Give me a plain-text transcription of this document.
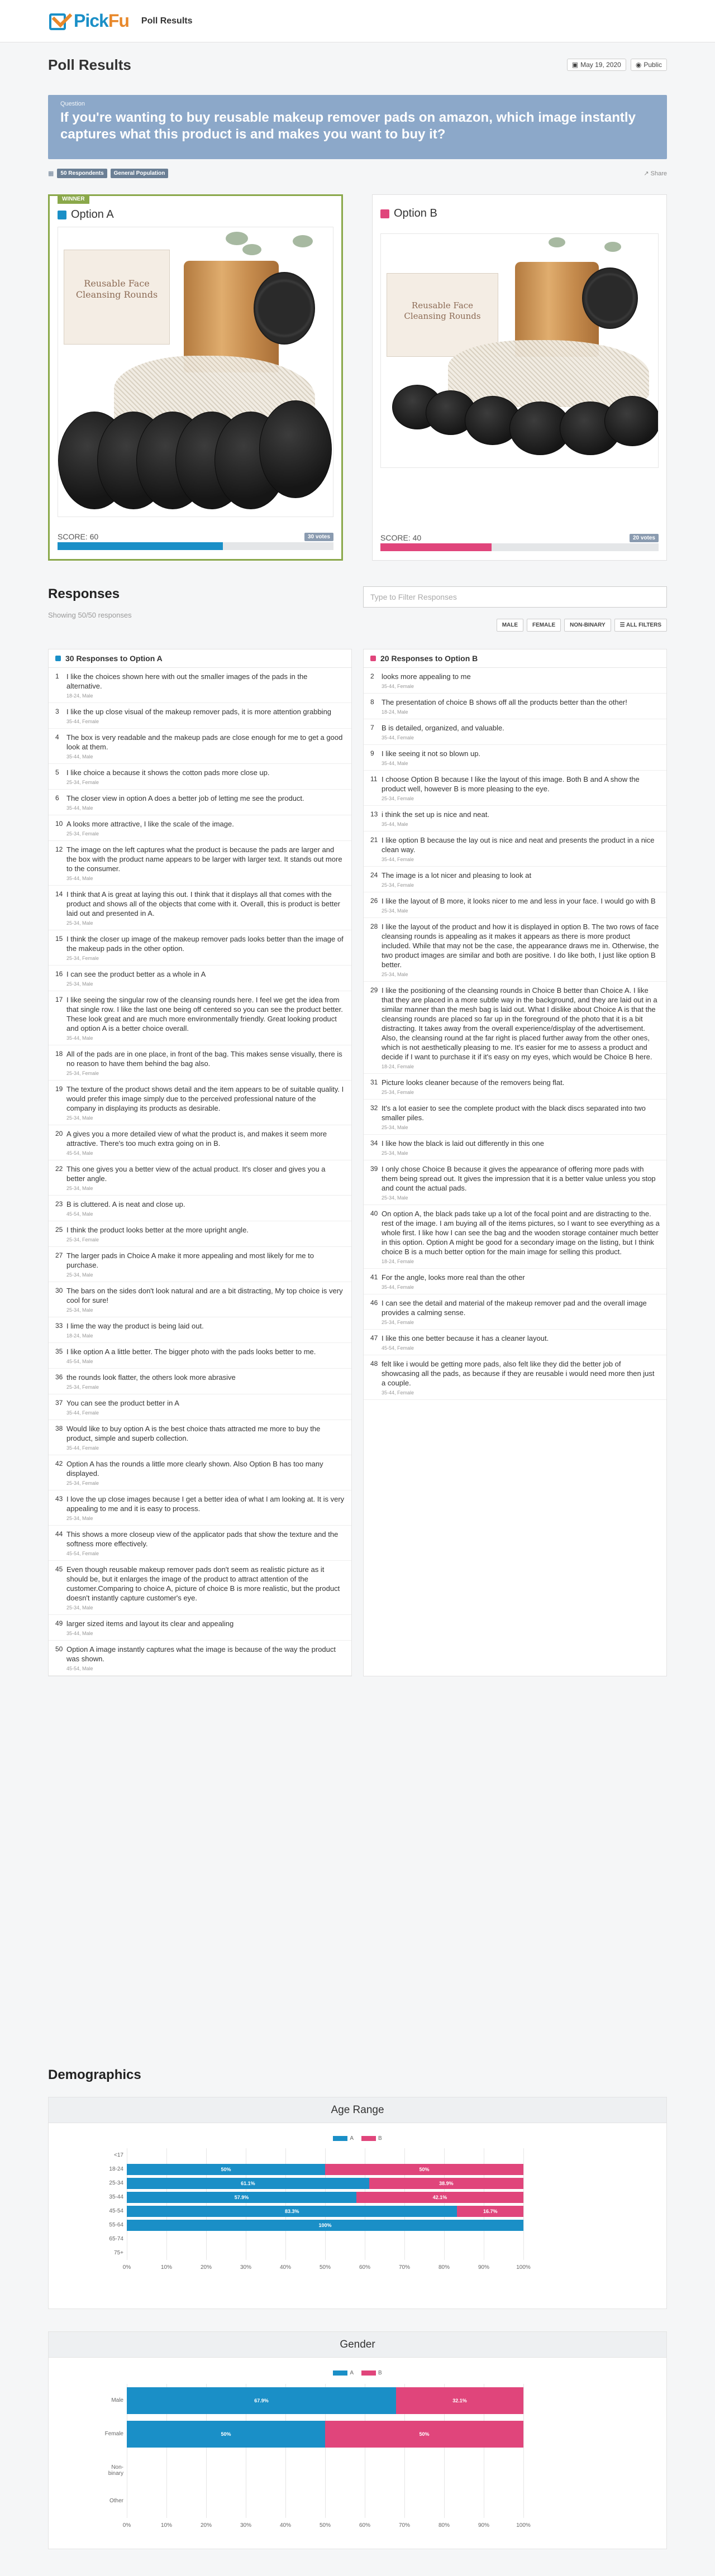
PickFu Poll Results
Poll Results	▣ May 19, 2020 ◉ Public
Question
If you're wanting to buy reusable makeup remover pads on amazon, which image instantly captures what this product is and makes you want to buy it?
▦	50 Respondents	General Population	↗ Share
WINNER
Option A
Reusable Face Cleansing Rounds
SCORE: 60	30 votes
Option B
Reusable Face Cleansing Rounds
SCORE: 40	20 votes
Responses
Showing 50/50 responses
Type to Filter Responses
MALE	FEMALE	NON-BINARY	☰ ALL FILTERS
30 Responses to Option A
1	I like the choices shown here with out the smaller images of the pads in the alternative.
18-24, Male
3	I like the up close visual of the makeup remover pads, it is more attention grabbing
35-44, Female
4	The box is very readable and the makeup pads are close enough for me to get a good look at them.
35-44, Male
5	I like choice a because it shows the cotton pads more close up.
25-34, Female
6	The closer view in option A does a better job of letting me see the product.
35-44, Male
10 A looks more attractive, I like the scale of the image.
25-34, Female
12 The image on the left captures what the product is because the pads are larger and the box with the product name appears to be larger with larger text. It stands out more to the consumer.
35-44, Male
14 I think that A is great at laying this out. I think that it displays all that comes with the product and shows all of the objects that come with it. Overall, this is product is better laid out and presented in A.
25-34, Male
15 I think the closer up image of the makeup remover pads looks better than the image of the makeup pads in the other option.
25-34, Female
16 I can see the product better as a whole in A
25-34, Male
17 I like seeing the singular row of the cleansing rounds here. I feel we get the idea from that single row. I like the last one being off centered so you can see the product better. These look great and are much more environmentally friendly. Great looking product and option A is a better choice overall.
35-44, Male
18 All of the pads are in one place, in front of the bag. This makes sense visually, there is no reason to have them behind the bag also.
25-34, Female
19 The texture of the product shows detail and the item appears to be of suitable quality. I would prefer this image simply due to the perceived professional nature of the company in displaying its products as desirable.
25-34, Male
20 A gives you a more detailed view of what the product is, and makes it seem more attractive. There's too much extra going on in B.
45-54, Male
22 This one gives you a better view of the actual product. It's closer and gives you a better angle.
25-34, Male
23 B is cluttered. A is neat and close up.
45-54, Male
25 I think the product looks better at the more upright angle.
25-34, Female
27 The larger pads in Choice A make it more appealing and most likely for me to purchase.
25-34, Male
30 The bars on the sides don't look natural and are a bit distracting, My top choice is very cool for sure!
25-34, Male
33 I lime the way the product is being laid out.
18-24, Male
35 I like option A a little better. The bigger photo with the pads looks better to me.
45-54, Male
36 the rounds look flatter, the others look more abrasive
25-34, Female
37 You can see the product better in A
35-44, Female
38 Would like to buy option A is the best choice thats attracted me more to buy the product, simple and superb collection.
35-44, Female
42 Option A has the rounds a little more clearly shown. Also Option B has too many displayed.
25-34, Female
43 I love the up close images because I get a better idea of what I am looking at. It is very appealing to me and it is easy to process.
25-34, Male
44 This shows a more closeup view of the applicator pads that show the texture and the softness more effectively.
45-54, Female
45 Even though reusable makeup remover pads don't seem as realistic picture as it should be, but it enlarges the image of the product to attract attention of the customer.Comparing to choice A, picture of choice B is more realistic, but the product doesn't instantly capture customer's eye.
25-34, Male
49 larger sized items and layout its clear and appealing
35-44, Male
50 Option A image instantly captures what the image is because of the way the product was shown.
45-54, Male
20 Responses to Option B
2	looks more appealing to me
35-44, Female
8	The presentation of choice B shows off all the products better than the other!
18-24, Male
7	B is detailed, organized, and valuable.
35-44, Female
9	I like seeing it not so blown up.
35-44, Male
11 I choose Option B because I like the layout of this image. Both B and A show the product well, however B is more pleasing to the eye.
25-34, Female
13 i think the set up is nice and neat.
35-44, Male
21 I like option B because the lay out is nice and neat and presents the product in a nice clean way.
35-44, Female
24 The image is a lot nicer and pleasing to look at
25-34, Female
26 I like the layout of B more, it looks nicer to me and less in your face. I would go with B
25-34, Male
28 I like the layout of the product and how it is displayed in option B. The two rows of face cleansing rounds is appealing as it makes it appears as there is more product included. While that may not be the case, the appearance draws me in. Otherwise, the two product images are similar and both are positive. I do like both, I just like option B better.
25-34, Male
29 I like the positioning of the cleansing rounds in Choice B better than Choice A. I like that they are placed in a more subtle way in the background, and they are laid out in a similar manner than the mesh bag is laid out. What I dislike about Choice A is that the cleansing rounds are placed so far up in the foreground of the photo that it is a bit distracting. It takes away from the overall experience/display of the advertisement. Also, the cleansing round at the far right is placed further away from the other ones, which is not aesthetically pleasing to me. It's easier for me to assess a product and decide if I want to purchase it if it's easy on my eyes, which would be Choice B here.
18-24, Female
31 Picture looks cleaner because of the removers being flat.
25-34, Female
32 It's a lot easier to see the complete product with the black discs separated into two smaller piles.
25-34, Male
34 I like how the black is laid out differently in this one
25-34, Male
39 I only chose Choice B because it gives the appearance of offering more pads with them being spread out. It gives the impression that it is a better value unless you stop and count the actual pads.
25-34, Male
40 On option A, the black pads take up a lot of the focal point and are distracting to the. rest of the image. I am buying all of the items pictures, so I want to see everything as a whole first. I like how I can see the bag and the wooden storage container much better in this option. Option A might be good for a secondary image on the listing, but I think choice B is a much better option for the main image for selling this product.
18-24, Female
41 For the angle, looks more real than the other
35-44, Female
46 I can see the detail and material of the makeup remover pad and the overall image provides a calming sense.
25-34, Female
47 I like this one better because it has a cleaner layout.
45-54, Female
48 felt like i would be getting more pads, also felt like they did the better job of showcasing all the pads, as because if they are reusable i would need more then just a couple.
35-44, Female
Demographics
Age Range
A	B
0%	10%	20%	30%	40%	50%	60%	70%	80%	90%	100%
<17
18-24	50%	50%
25-34	61.1%	38.9%
35-44	57.9%	42.1%
45-54	83.3%	16.7%
55-64	100%
65-74
75+
Gender
A	B
0%	10%	20%	30%	40%	50%	60%	70%	80%	90%	100%
Male	67.9%	32.1%
Female	50%	50%
Non-binary
Other
